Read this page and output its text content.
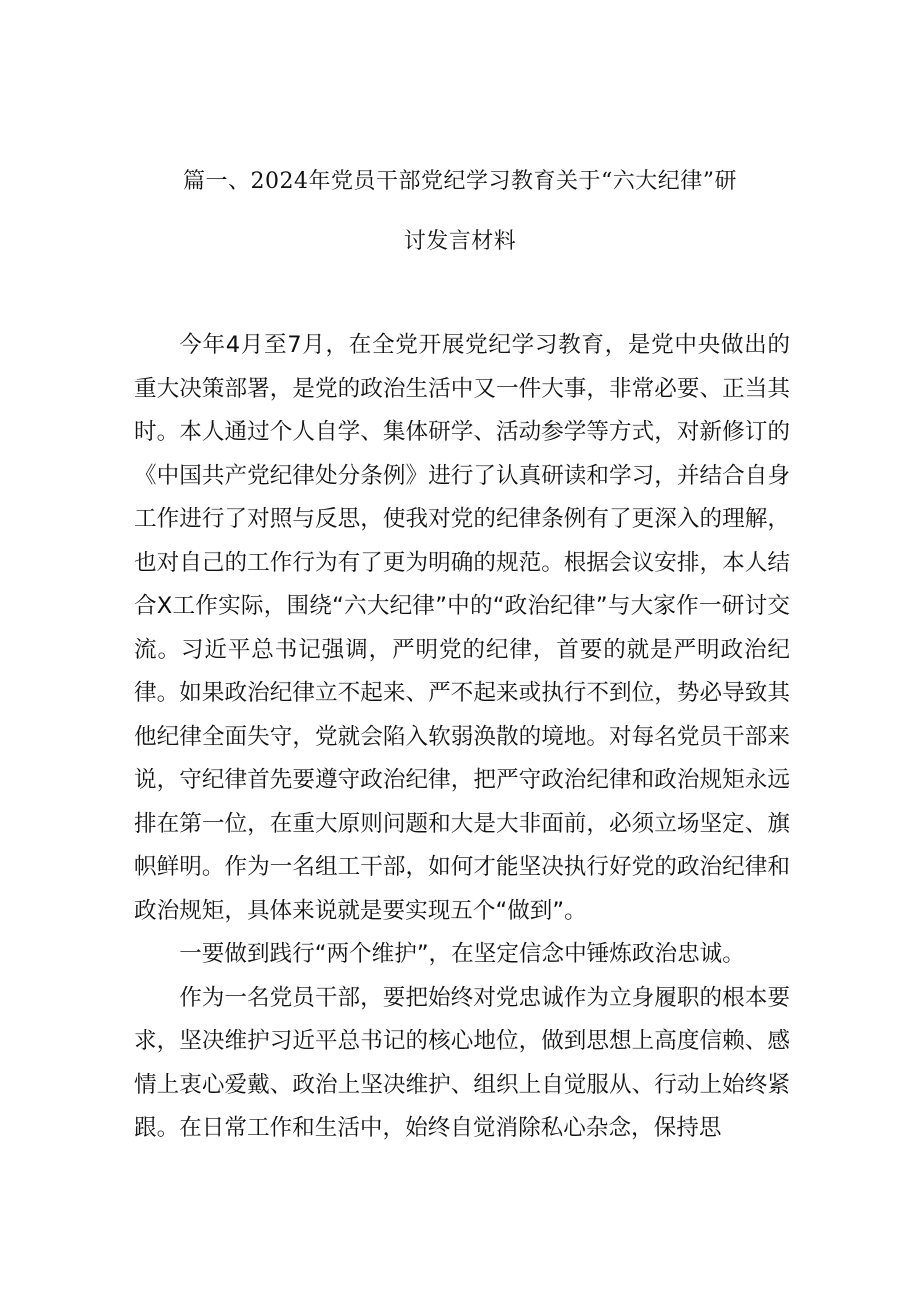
篇一、2024年党员干部党纪学习教育关于“六大纪律”研
讨发言材料

今年4月至7月，在全党开展党纪学习教育，是党中央做出的重大决策部署，是党的政治生活中又一件大事，非常必要、正当其时。本人通过个人自学、集体研学、活动参学等方式，对新修订的《中国共产党纪律处分条例》进行了认真研读和学习，并结合自身工作进行了对照与反思，使我对党的纪律条例有了更深入的理解，也对自己的工作行为有了更为明确的规范。根据会议安排，本人结合X工作实际，围绕“六大纪律”中的“政治纪律”与大家作一研讨交流。习近平总书记强调，严明党的纪律，首要的就是严明政治纪律。如果政治纪律立不起来、严不起来或执行不到位，势必导致其他纪律全面失守，党就会陷入软弱涣散的境地。对每名党员干部来说，守纪律首先要遵守政治纪律，把严守政治纪律和政治规矩永远排在第一位，在重大原则问题和大是大非面前，必须立场坚定、旗帜鲜明。作为一名组工干部，如何才能坚决执行好党的政治纪律和政治规矩，具体来说就是要实现五个“做到”。

一要做到践行“两个维护”，在坚定信念中锤炼政治忠诚。

作为一名党员干部，要把始终对党忠诚作为立身履职的根本要求，坚决维护习近平总书记的核心地位，做到思想上高度信赖、感情上衷心爱戴、政治上坚决维护、组织上自觉服从、行动上始终紧跟。在日常工作和生活中，始终自觉消除私心杂念，保持思
